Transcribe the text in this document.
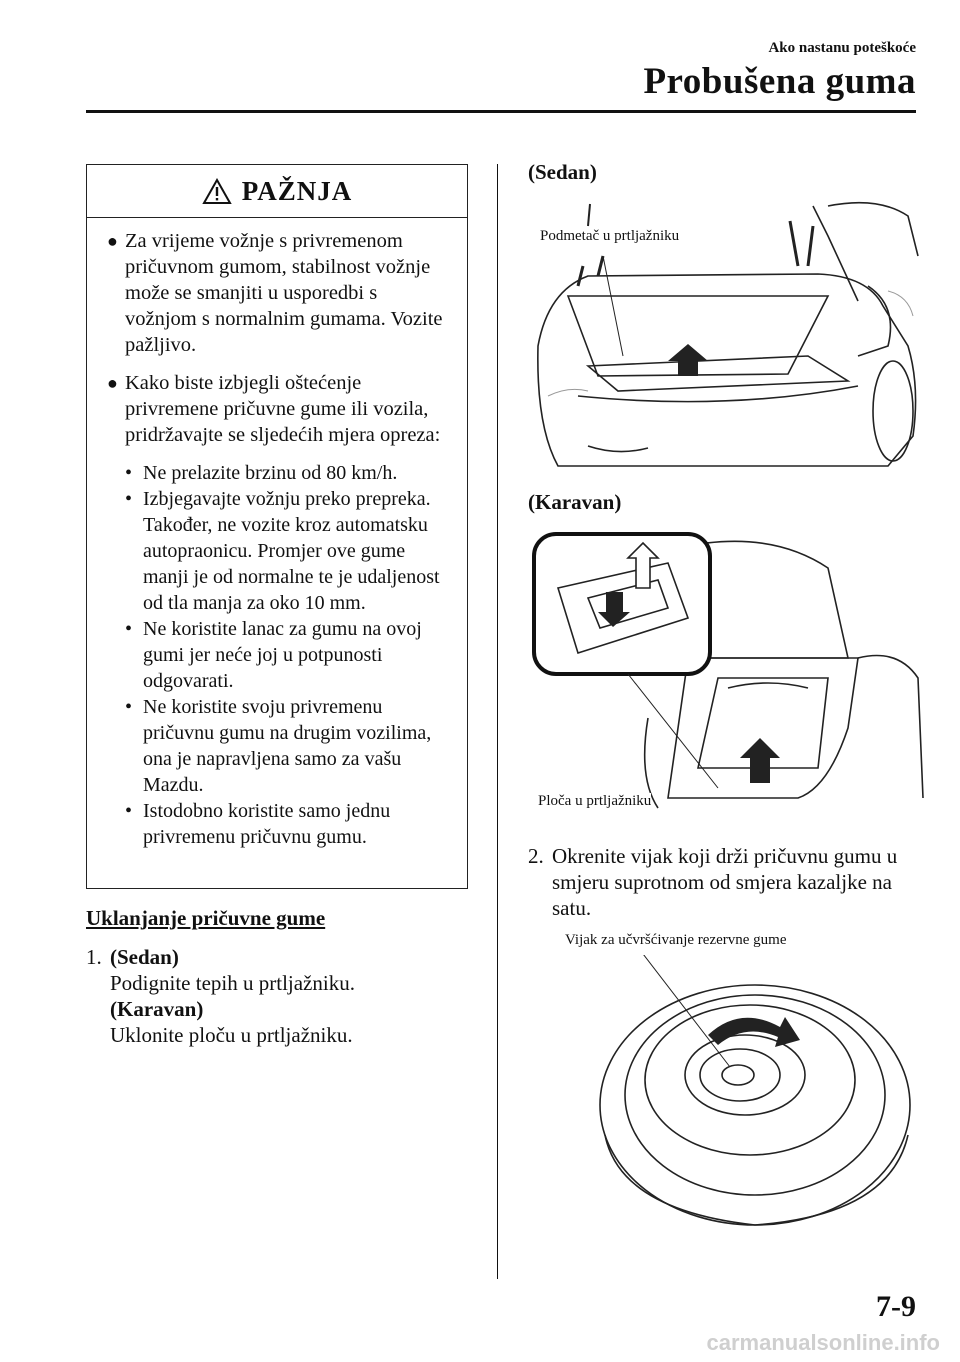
Ako nastanu poteškoće
Probušena guma
PAŽNJA
● Za vrijeme vožnje s privremenom pričuvnom gumom, stabilnost vožnje može se smanjiti u usporedbi s vožnjom s normalnim gumama. Vozite pažljivo.
● Kako biste izbjegli oštećenje privremene pričuvne gume ili vozila, pridržavajte se sljedećih mjera opreza:
• Ne prelazite brzinu od 80 km/h.
• Izbjegavajte vožnju preko prepreka. Također, ne vozite kroz automatsku autopraonicu. Promjer ove gume manji je od normalne te je udaljenost od tla manja za oko 10 mm.
• Ne koristite lanac za gumu na ovoj gumi jer neće joj u potpunosti odgovarati.
• Ne koristite svoju privremenu pričuvnu gumu na drugim vozilima, ona je napravljena samo za vašu Mazdu.
• Istodobno koristite samo jednu privremenu pričuvnu gumu.
Uklanjanje pričuvne gume
1. (Sedan)
Podignite tepih u prtljažniku.
(Karavan)
Uklonite ploču u prtljažniku.
(Sedan)
Podmetač u prtljažniku
(Karavan)
Ploča u prtljažniku
2. Okrenite vijak koji drži pričuvnu gumu u smjeru suprotnom od smjera kazaljke na satu.
Vijak za učvršćivanje rezervne gume
7-9
carmanualsonline.info
